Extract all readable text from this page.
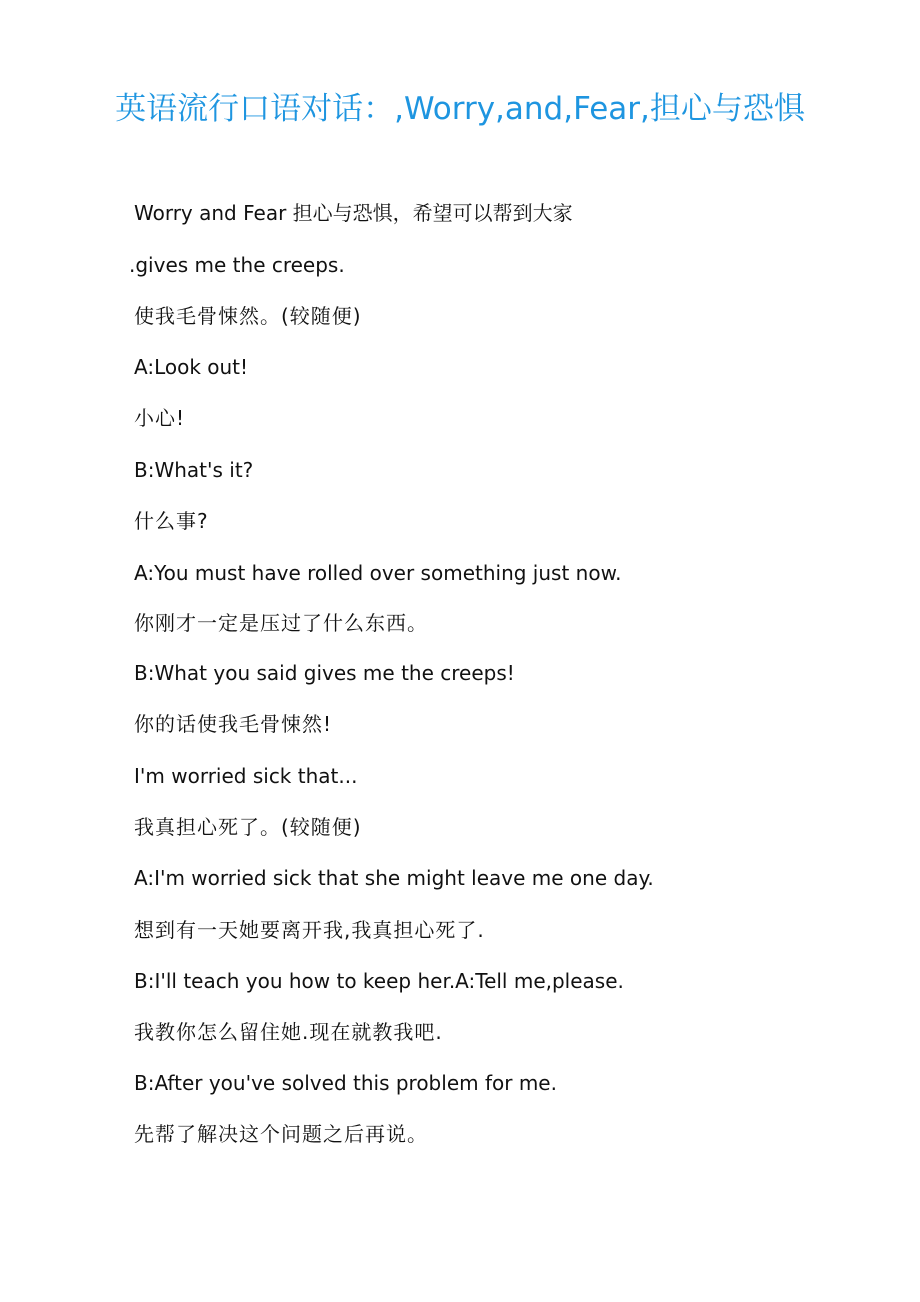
英语流行口语对话：,Worry,and,Fear,担心与恐惧

Worry and Fear 担心与恐惧，希望可以帮到大家

.gives me the creeps.

使我毛骨悚然。(较随便)

A:Look out!

小心!

B:What's it?

什么事?

A:You must have rolled over something just now.

你刚才一定是压过了什么东西。

B:What you said gives me the creeps!

你的话使我毛骨悚然!

I'm worried sick that...

我真担心死了。(较随便)

A:I'm worried sick that she might leave me one day.

想到有一天她要离开我,我真担心死了.

B:I'll teach you how to keep her.A:Tell me,please.

我教你怎么留住她.现在就教我吧.

B:After you've solved this problem for me.

先帮了解决这个问题之后再说。
